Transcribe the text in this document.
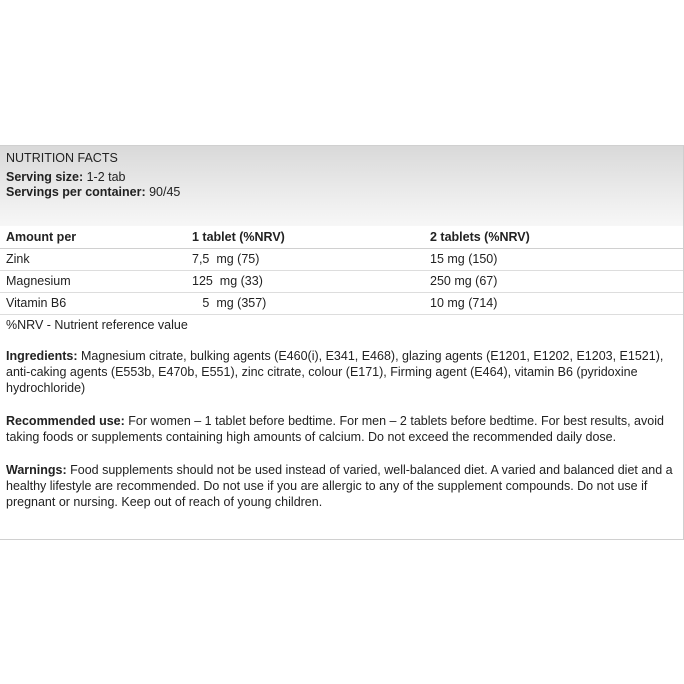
NUTRITION FACTS
Serving size: 1-2 tab
Servings per container: 90/45
Amount per	1 tablet (%NRV)	2 tablets (%NRV)
Zink	7,5  mg (75)	15 mg (150)
Magnesium	125  mg (33)	250 mg (67)
Vitamin B6	5  mg (357)	10 mg (714)
%NRV - Nutrient reference value
Ingredients: Magnesium citrate, bulking agents (E460(i), E341, E468), glazing agents (E1201, E1202, E1203, E1521), anti-caking agents (E553b, E470b, E551), zinc citrate, colour (E171), Firming agent (E464), vitamin B6 (pyridoxine hydrochloride)
Recommended use: For women – 1 tablet before bedtime. For men – 2 tablets before bedtime. For best results, avoid taking foods or supplements containing high amounts of calcium. Do not exceed the recommended daily dose.
Warnings: Food supplements should not be used instead of varied, well-balanced diet. A varied and balanced diet and a healthy lifestyle are recommended. Do not use if you are allergic to any of the supplement compounds. Do not use if pregnant or nursing. Keep out of reach of young children.
